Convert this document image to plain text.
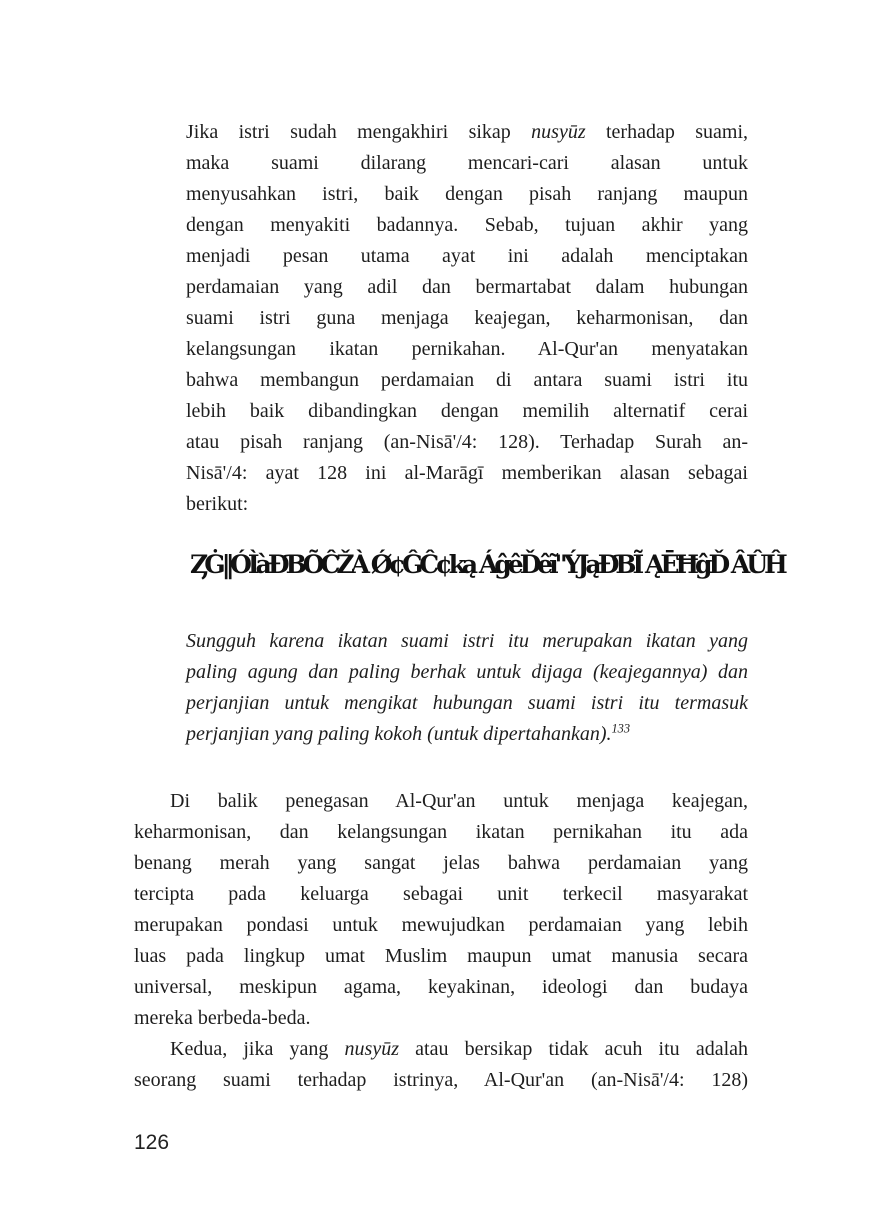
Jika istri sudah mengakhiri sikap nusyūz terhadap suami,
maka suami dilarang mencari-cari alasan untuk
menyusahkan istri, baik dengan pisah ranjang maupun
dengan menyakiti badannya. Sebab, tujuan akhir yang
menjadi pesan utama ayat ini adalah menciptakan
perdamaian yang adil dan bermartabat dalam hubungan
suami istri guna menjaga keajegan, keharmonisan, dan
kelangsungan ikatan pernikahan. Al-Qur'an menyatakan
bahwa membangun perdamaian di antara suami istri itu
lebih baik dibandingkan dengan memilih alternatif cerai
atau pisah ranjang (an-Nisā'/4: 128). Terhadap Surah an-
Nisā'/4: ayat 128 ini al-Marāgī memberikan alasan sebagai
berikut:
ȤĠ‖ÓÌàĐƁÕĈŽÀ Ǿ¢ĜĈ¢ką ÁĝêĎêĩ"ÝJąĐƁĨ ĄĒĦĝĎ ÂÛĤ
Sungguh karena ikatan suami istri itu merupakan ikatan yang
paling agung dan paling berhak untuk dijaga (keajegannya) dan
perjanjian untuk mengikat hubungan suami istri itu termasuk
perjanjian yang paling kokoh (untuk dipertahankan).$^{133}$
Di balik penegasan Al-Qur'an untuk menjaga keajegan,
keharmonisan, dan kelangsungan ikatan pernikahan itu ada
benang merah yang sangat jelas bahwa perdamaian yang
tercipta pada keluarga sebagai unit terkecil masyarakat
merupakan pondasi untuk mewujudkan perdamaian yang lebih
luas pada lingkup umat Muslim maupun umat manusia secara
universal, meskipun agama, keyakinan, ideologi dan budaya
mereka berbeda-beda.
Kedua, jika yang nusyūz atau bersikap tidak acuh itu adalah
seorang suami terhadap istrinya, Al-Qur'an (an-Nisā'/4: 128)
126
